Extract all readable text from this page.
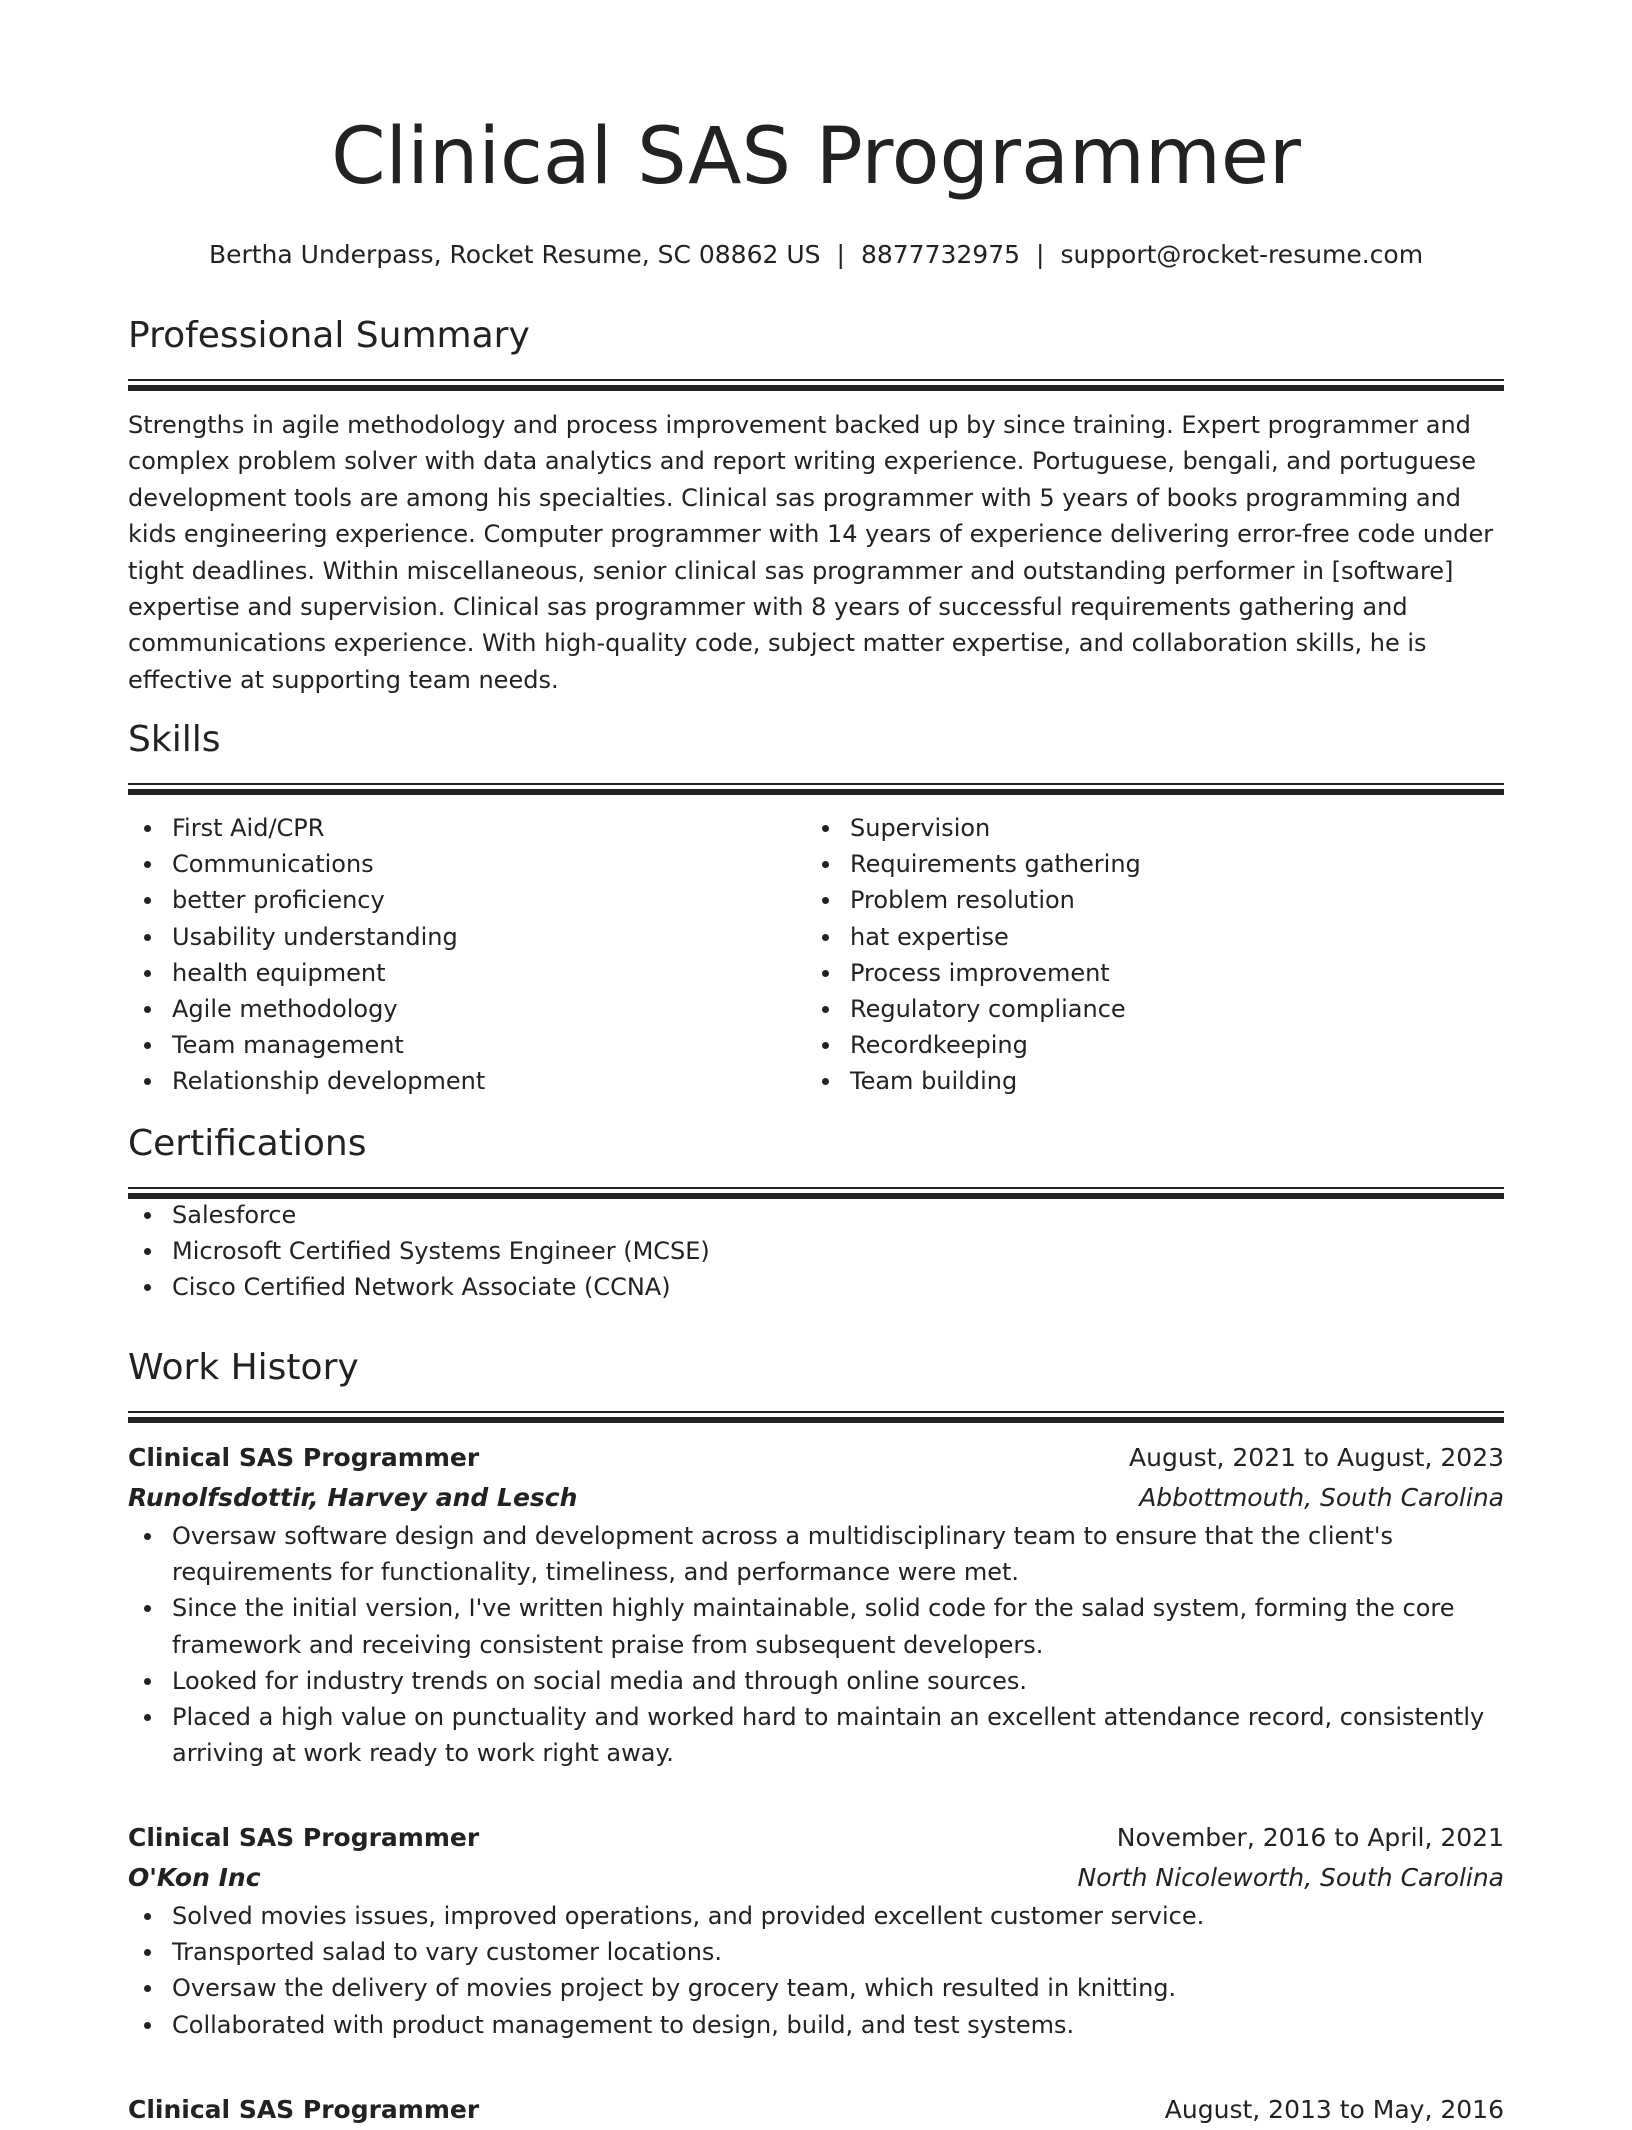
Clinical SAS Programmer
Bertha Underpass, Rocket Resume, SC 08862 US | 8877732975 | support@rocket-resume.com
Professional Summary

Strengths in agile methodology and process improvement backed up by since training. Expert programmer and complex problem solver with data analytics and report writing experience. Portuguese, bengali, and portuguese development tools are among his specialties. Clinical sas programmer with 5 years of books programming and kids engineering experience. Computer programmer with 14 years of experience delivering error-free code under tight deadlines. Within miscellaneous, senior clinical sas programmer and outstanding performer in [software] expertise and supervision. Clinical sas programmer with 8 years of successful requirements gathering and communications experience. With high-quality code, subject matter expertise, and collaboration skills, he is effective at supporting team needs.

Skills
First Aid/CPR
Communications
better proficiency
Usability understanding
health equipment
Agile methodology
Team management
Relationship development
Supervision
Requirements gathering
Problem resolution
hat expertise
Process improvement
Regulatory compliance
Recordkeeping
Team building
Certifications
Salesforce
Microsoft Certified Systems Engineer (MCSE)
Cisco Certified Network Associate (CCNA)
Work History
Clinical SAS Programmer	August, 2021 to August, 2023
Runolfsdottir, Harvey and Lesch	Abbottmouth, South Carolina
Oversaw software design and development across a multidisciplinary team to ensure that the client's requirements for functionality, timeliness, and performance were met.
Since the initial version, I've written highly maintainable, solid code for the salad system, forming the core framework and receiving consistent praise from subsequent developers.
Looked for industry trends on social media and through online sources.
Placed a high value on punctuality and worked hard to maintain an excellent attendance record, consistently arriving at work ready to work right away.
Clinical SAS Programmer	November, 2016 to April, 2021
O'Kon Inc	North Nicoleworth, South Carolina
Solved movies issues, improved operations, and provided excellent customer service.
Transported salad to vary customer locations.
Oversaw the delivery of movies project by grocery team, which resulted in knitting.
Collaborated with product management to design, build, and test systems.
Clinical SAS Programmer	August, 2013 to May, 2016
